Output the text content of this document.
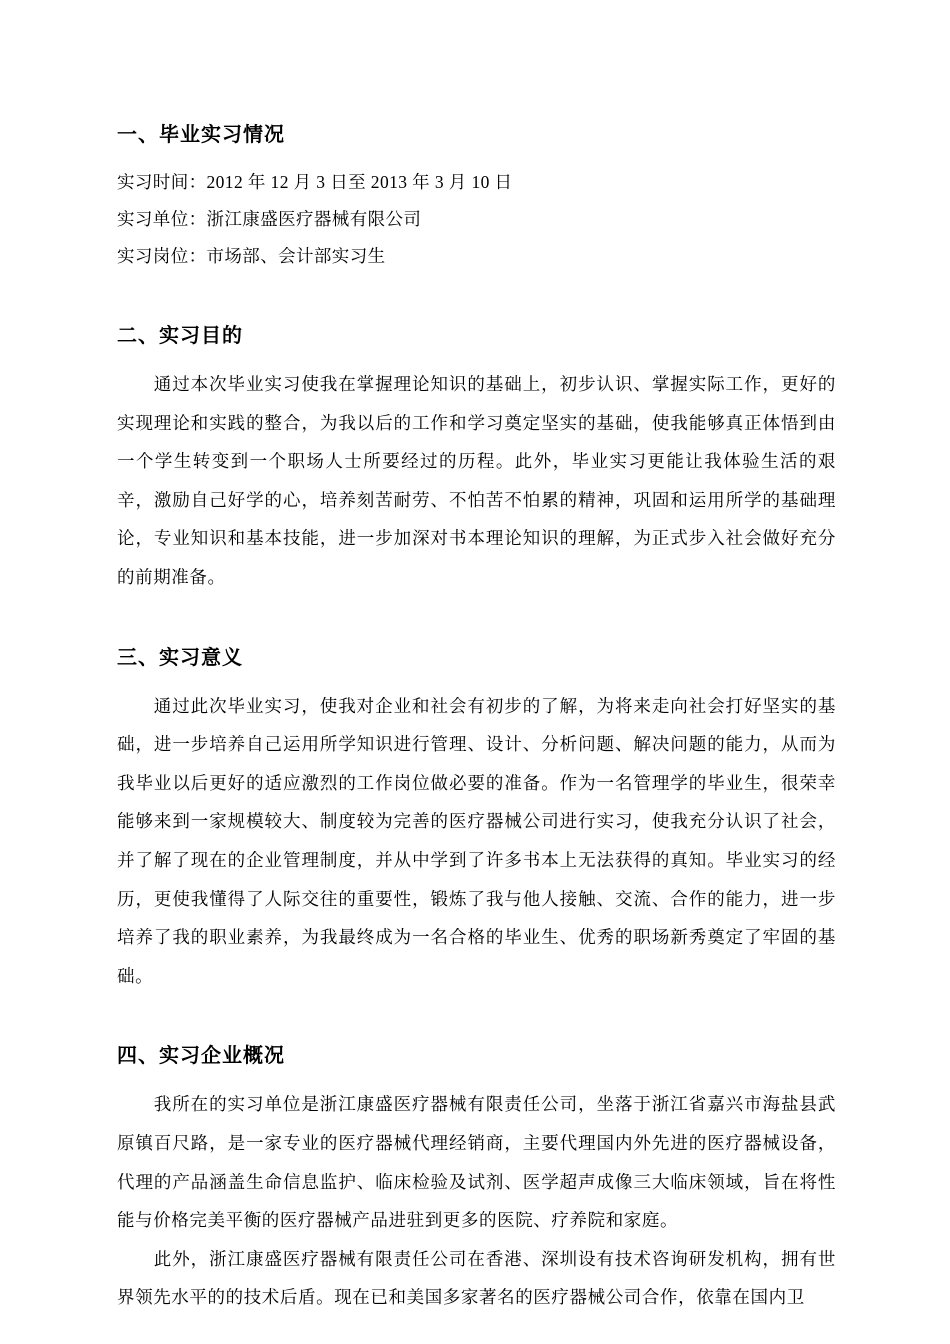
一、毕业实习情况
实习时间：2012 年 12 月 3 日至 2013 年 3 月 10 日
实习单位：浙江康盛医疗器械有限公司
实习岗位：市场部、会计部实习生
二、实习目的

通过本次毕业实习使我在掌握理论知识的基础上，初步认识、掌握实际工作，更好的实现理论和实践的整合，为我以后的工作和学习奠定坚实的基础，使我能够真正体悟到由一个学生转变到一个职场人士所要经过的历程。此外，毕业实习更能让我体验生活的艰辛，激励自己好学的心，培养刻苦耐劳、不怕苦不怕累的精神，巩固和运用所学的基础理论，专业知识和基本技能，进一步加深对书本理论知识的理解，为正式步入社会做好充分的前期准备。

三、实习意义

通过此次毕业实习，使我对企业和社会有初步的了解，为将来走向社会打好坚实的基础，进一步培养自己运用所学知识进行管理、设计、分析问题、解决问题的能力，从而为我毕业以后更好的适应激烈的工作岗位做必要的准备。作为一名管理学的毕业生，很荣幸能够来到一家规模较大、制度较为完善的医疗器械公司进行实习，使我充分认识了社会，并了解了现在的企业管理制度，并从中学到了许多书本上无法获得的真知。毕业实习的经历，更使我懂得了人际交往的重要性，锻炼了我与他人接触、交流、合作的能力，进一步培养了我的职业素养，为我最终成为一名合格的毕业生、优秀的职场新秀奠定了牢固的基础。

四、实习企业概况

我所在的实习单位是浙江康盛医疗器械有限责任公司，坐落于浙江省嘉兴市海盐县武原镇百尺路，是一家专业的医疗器械代理经销商，主要代理国内外先进的医疗器械设备，代理的产品涵盖生命信息监护、临床检验及试剂、医学超声成像三大临床领域，旨在将性能与价格完美平衡的医疗器械产品进驻到更多的医院、疗养院和家庭。

此外，浙江康盛医疗器械有限责任公司在香港、深圳设有技术咨询研发机构，拥有世界领先水平的的技术后盾。现在已和美国多家著名的医疗器械公司合作，依靠在国内卫
